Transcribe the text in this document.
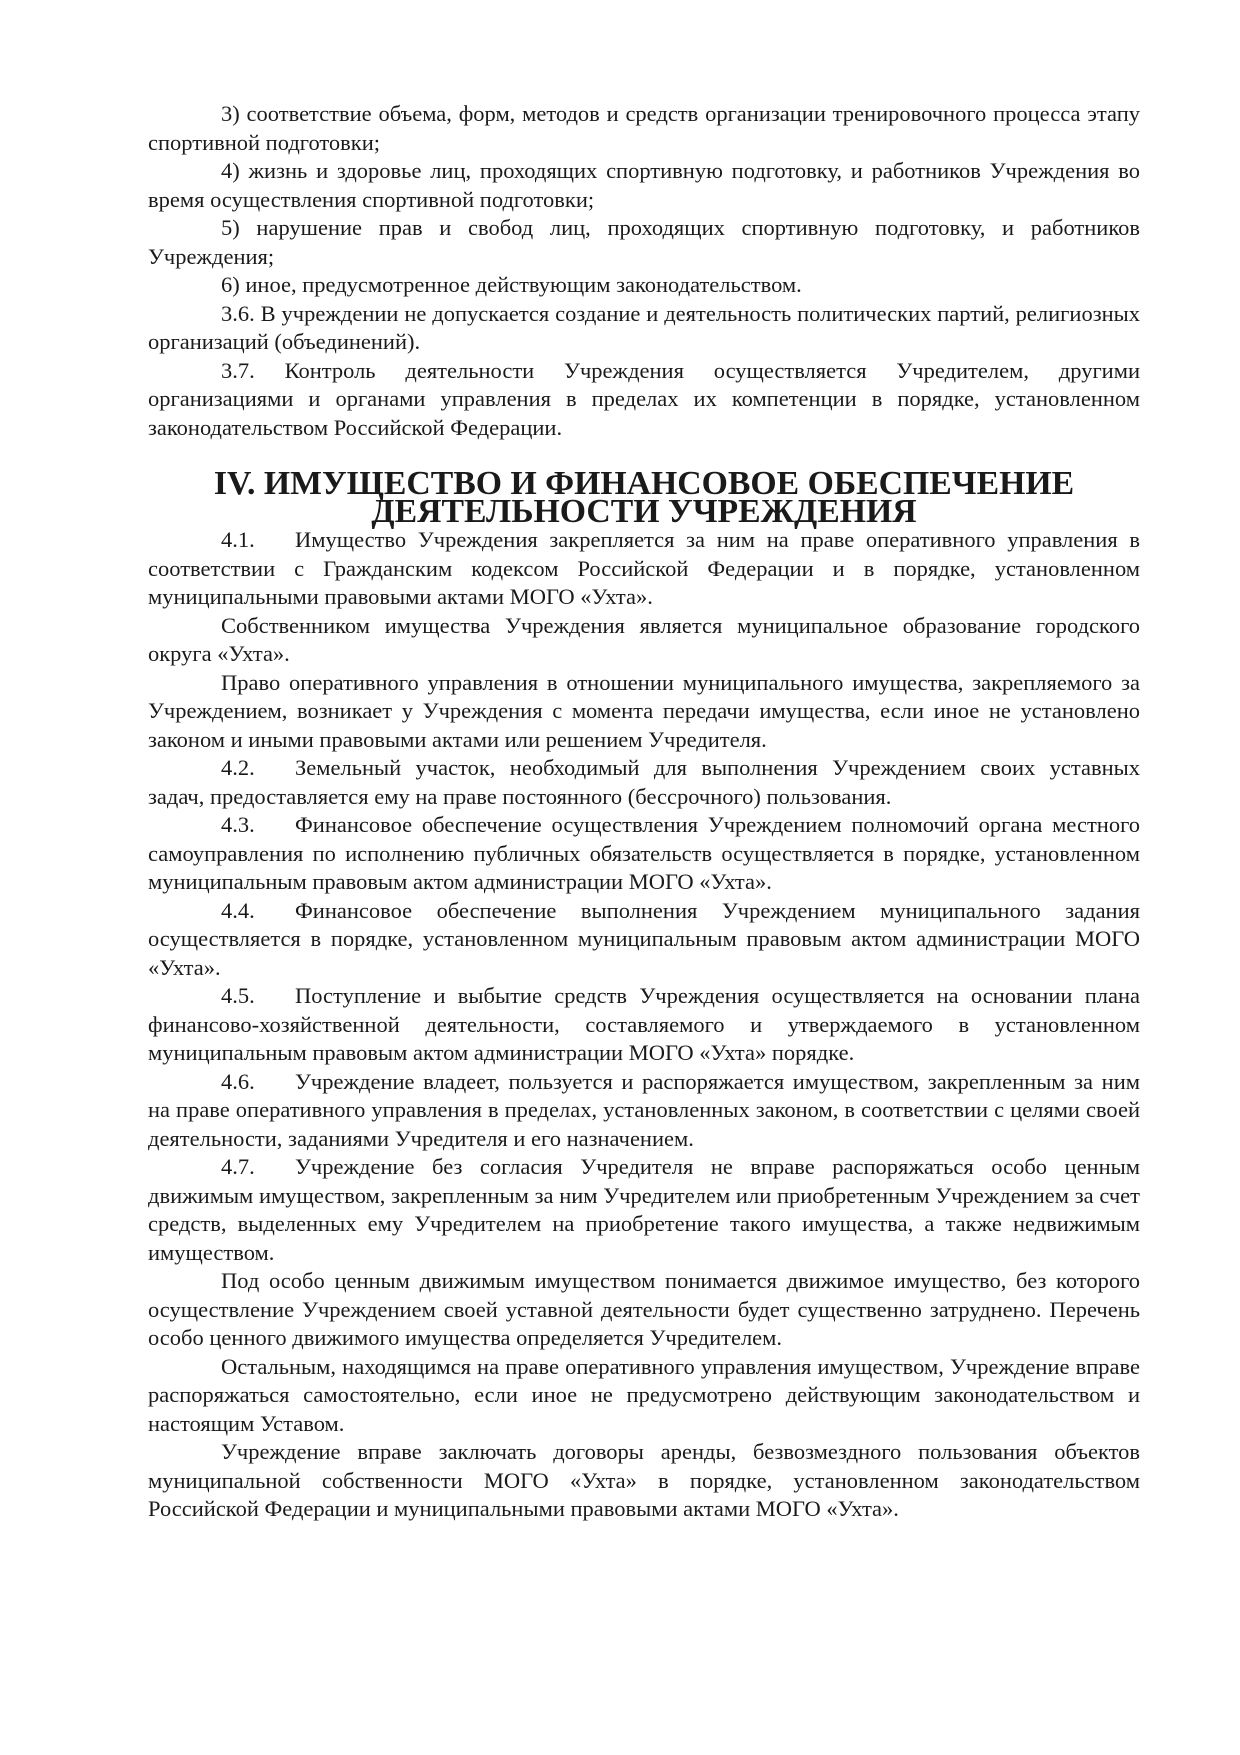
3) соответствие объема, форм, методов и средств организации тренировочного процесса этапу спортивной подготовки;

4) жизнь и здоровье лиц, проходящих спортивную подготовку, и работников Учреждения во время осуществления спортивной подготовки;

5) нарушение прав и свобод лиц, проходящих спортивную подготовку, и работников Учреждения;

6) иное, предусмотренное действующим законодательством.

3.6. В учреждении не допускается создание и деятельность политических партий, религиозных организаций (объединений).

3.7. Контроль деятельности Учреждения осуществляется Учредителем, другими организациями и органами управления в пределах их компетенции в порядке, установленном законодательством Российской Федерации.

IV. ИМУЩЕСТВО И ФИНАНСОВОЕ ОБЕСПЕЧЕНИЕ
ДЕЯТЕЛЬНОСТИ УЧРЕЖДЕНИЯ

4.1. Имущество Учреждения закрепляется за ним на праве оперативного управления в соответствии с Гражданским кодексом Российской Федерации и в порядке, установленном муниципальными правовыми актами МОГО «Ухта».

Собственником имущества Учреждения является муниципальное образование городского округа «Ухта».

Право оперативного управления в отношении муниципального имущества, закрепляемого за Учреждением, возникает у Учреждения с момента передачи имущества, если иное не установлено законом и иными правовыми актами или решением Учредителя.

4.2. Земельный участок, необходимый для выполнения Учреждением своих уставных задач, предоставляется ему на праве постоянного (бессрочного) пользования.

4.3. Финансовое обеспечение осуществления Учреждением полномочий органа местного самоуправления по исполнению публичных обязательств осуществляется в порядке, установленном муниципальным правовым актом администрации МОГО «Ухта».

4.4. Финансовое обеспечение выполнения Учреждением муниципального задания осуществляется в порядке, установленном муниципальным правовым актом администрации МОГО «Ухта».

4.5. Поступление и выбытие средств Учреждения осуществляется на основании плана финансово-хозяйственной деятельности, составляемого и утверждаемого в установленном муниципальным правовым актом администрации МОГО «Ухта» порядке.

4.6. Учреждение владеет, пользуется и распоряжается имуществом, закрепленным за ним на праве оперативного управления в пределах, установленных законом, в соответствии с целями своей деятельности, заданиями Учредителя и его назначением.

4.7. Учреждение без согласия Учредителя не вправе распоряжаться особо ценным движимым имуществом, закрепленным за ним Учредителем или приобретенным Учреждением за счет средств, выделенных ему Учредителем на приобретение такого имущества, а также недвижимым имуществом.

Под особо ценным движимым имуществом понимается движимое имущество, без которого осуществление Учреждением своей уставной деятельности будет существенно затруднено. Перечень особо ценного движимого имущества определяется Учредителем.

Остальным, находящимся на праве оперативного управления имуществом, Учреждение вправе распоряжаться самостоятельно, если иное не предусмотрено действующим законодательством и настоящим Уставом.

Учреждение вправе заключать договоры аренды, безвозмездного пользования объектов муниципальной собственности МОГО «Ухта» в порядке, установленном законодательством Российской Федерации и муниципальными правовыми актами МОГО «Ухта».
